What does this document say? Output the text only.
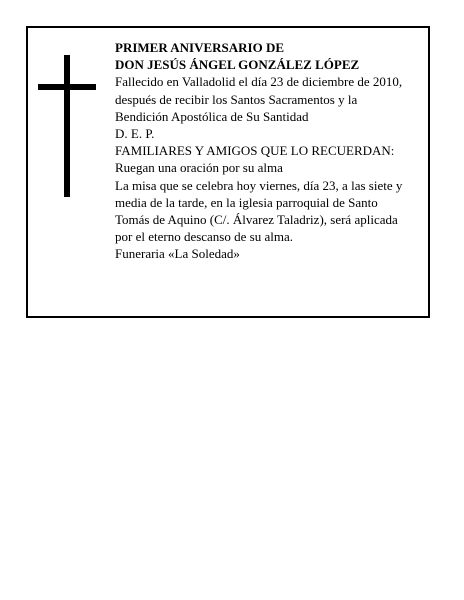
PRIMER ANIVERSARIO DE
DON JESÚS ÁNGEL GONZÁLEZ LÓPEZ
Fallecido en Valladolid el día 23 de diciembre de 2010,
después de recibir los Santos Sacramentos y la
Bendición Apostólica de Su Santidad
D. E. P.
FAMILIARES Y AMIGOS QUE LO RECUERDAN:
Ruegan una oración por su alma
La misa que se celebra hoy viernes, día 23, a las siete y
media de la tarde, en la iglesia parroquial de Santo
Tomás de Aquino (C/. Álvarez Taladriz), será aplicada
por el eterno descanso de su alma.
Funeraria «La Soledad»
